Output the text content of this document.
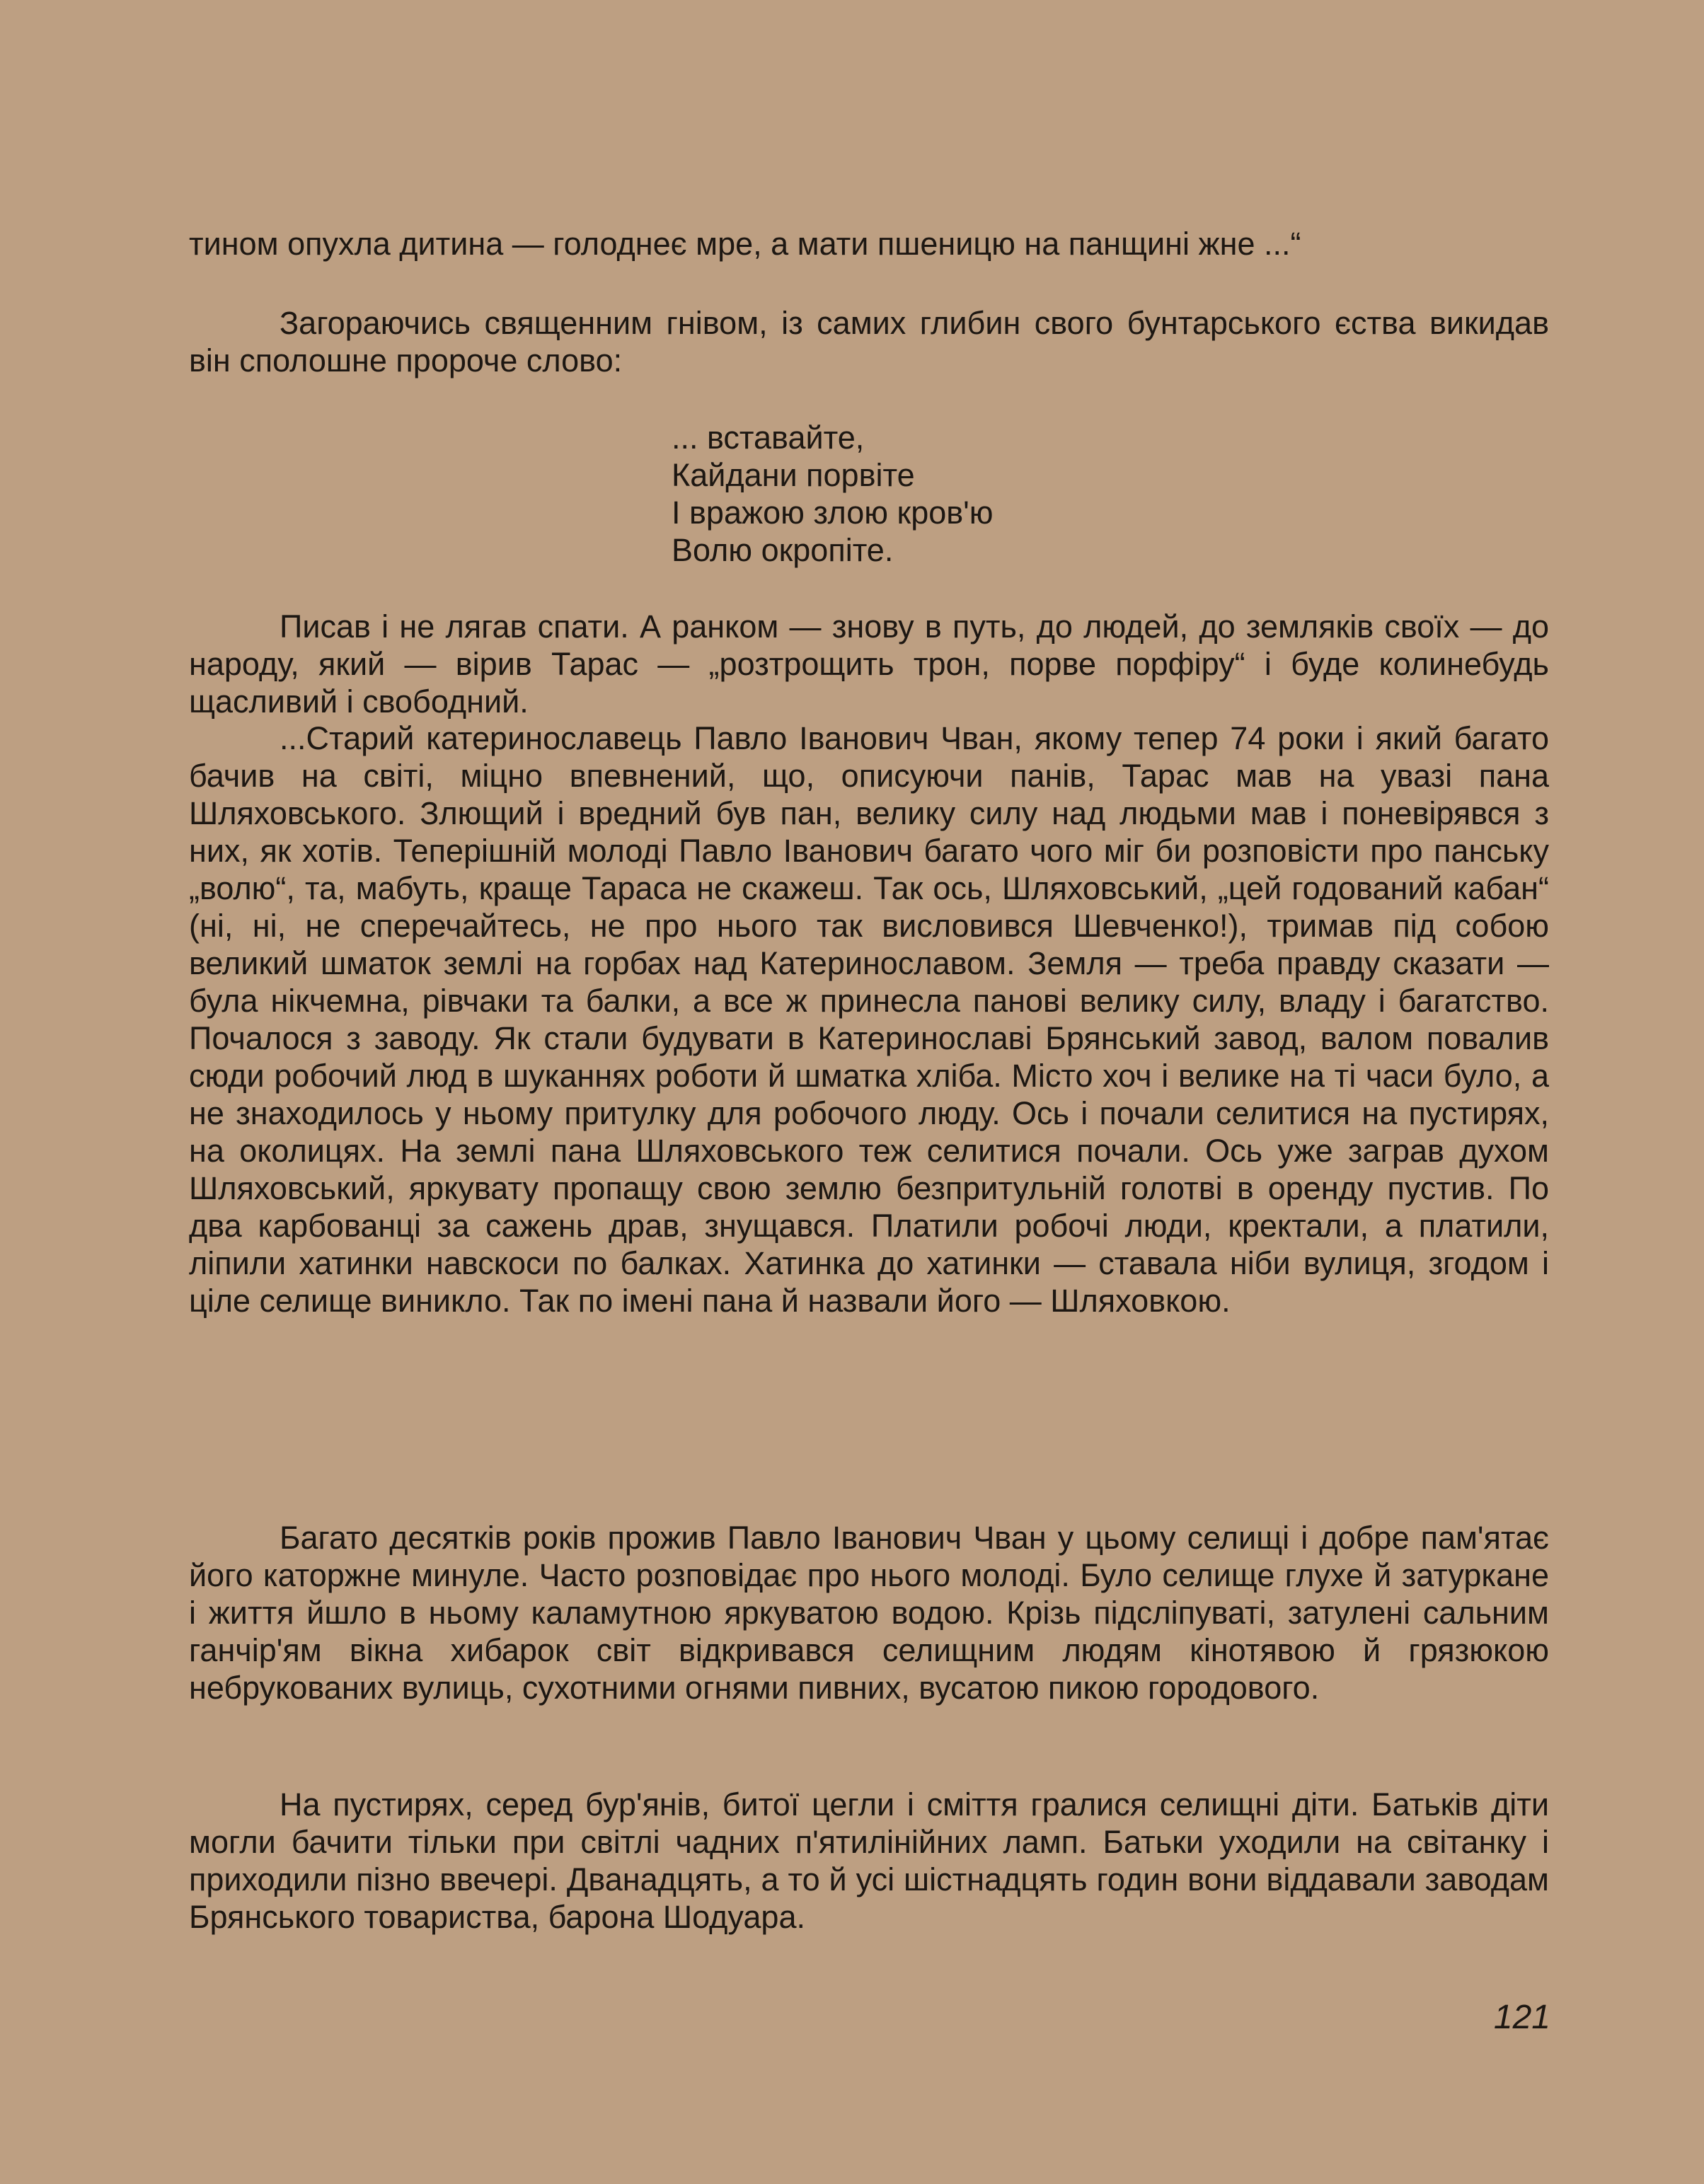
тином опухла дитина — голоднеє мре, а мати пшеницю на панщині жне ...“

Загораючись священним гнівом, із самих глибин свого бунтарського єства викидав він сполошне пророче слово:

... вставайте,
Кайдани порвіте
І вражою злою кров'ю
Волю окропіте.

Писав і не лягав спати. А ранком — знову в путь, до людей, до земляків своїх — до народу, який — вірив Тарас — „розтрощить трон, порве порфіру“ і буде колинебудь щасливий і свободний.

...Старий катеринославець Павло Іванович Чван, якому тепер 74 роки і який багато бачив на світі, міцно впевнений, що, описуючи панів, Тарас мав на увазі пана Шляховського. Злющий і вредний був пан, велику силу над людьми мав і поневірявся з них, як хотів. Теперішній молоді Павло Іванович багато чого міг би розповісти про панську „волю“, та, мабуть, краще Тараса не скажеш. Так ось, Шляховський, „цей годований кабан“ (ні, ні, не сперечайтесь, не про нього так висловився Шевченко!), тримав під собою великий шматок землі на горбах над Катеринославом. Земля — треба правду сказати — була нікчемна, рівчаки та балки, а все ж принесла панові велику силу, владу і багатство. Почалося з заводу. Як стали будувати в Катеринославі Брянський завод, валом повалив сюди робочий люд в шуканнях роботи й шматка хліба. Місто хоч і велике на ті часи було, а не знаходилось у ньому притулку для робочого люду. Ось і почали селитися на пустирях, на околицях. На землі пана Шляховського теж селитися почали. Ось уже заграв духом Шляховський, яркувату пропащу свою землю безпритульній голотві в оренду пустив. По два карбованці за сажень драв, знущався. Платили робочі люди, кректали, а платили, ліпили хатинки навскоси по балках. Хатинка до хатинки — ставала ніби вулиця, згодом і ціле селище виникло. Так по імені пана й назвали його — Шляховкою.

Багато десятків років прожив Павло Іванович Чван у цьому селищі і добре пам'ятає його каторжне минуле. Часто розповідає про нього молоді. Було селище глухе й затуркане і життя йшло в ньому каламутною яркуватою водою. Крізь підсліпуваті, затулені сальним ганчір'ям вікна хибарок світ відкривався селищним людям кінотявою й грязюкою небрукованих вулиць, сухотними огнями пивних, вусатою пикою городового.

На пустирях, серед бур'янів, битої цегли і сміття гралися селищні діти. Батьків діти могли бачити тільки при світлі чадних п'ятилінійних ламп. Батьки уходили на світанку і приходили пізно ввечері. Дванадцять, а то й усі шістнадцять годин вони віддавали заводам Брянського товариства, барона Шодуара.

121
